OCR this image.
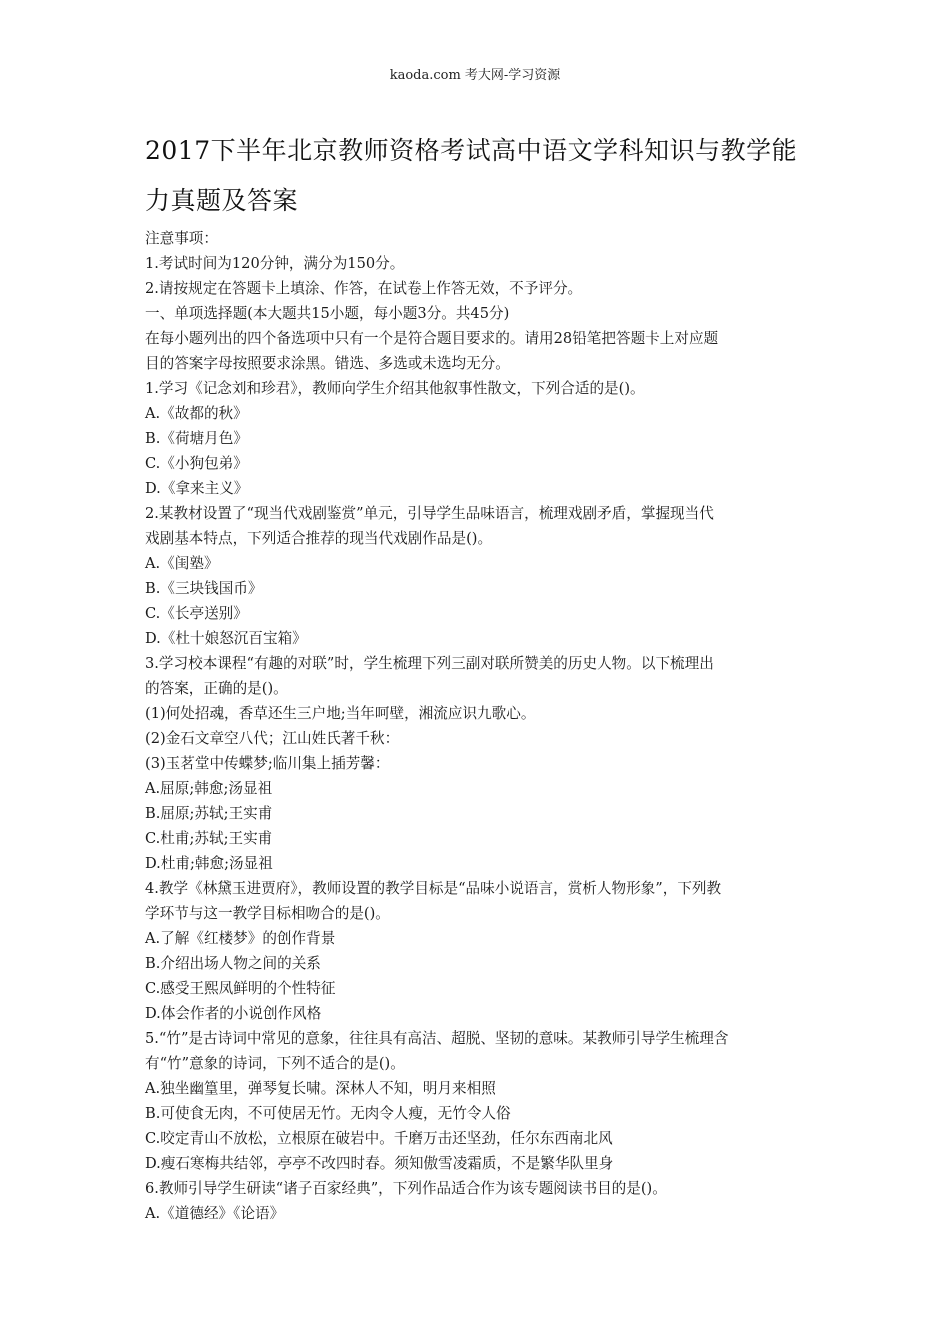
kaoda.com 考大网-学习资源
2017下半年北京教师资格考试高中语文学科知识与教学能
力真题及答案
注意事项：
1.考试时间为120分钟，满分为150分。
2.请按规定在答题卡上填涂、作答，在试卷上作答无效，不予评分。
一、单项选择题(本大题共15小题，每小题3分。共45分)
在每小题列出的四个备选项中只有一个是符合题目要求的。请用28铅笔把答题卡上对应题
目的答案字母按照要求涂黑。错选、多选或未选均无分。
1.学习《记念刘和珍君》，教师向学生介绍其他叙事性散文，下列合适的是()。
A.《故都的秋》
B.《荷塘月色》
C.《小狗包弟》
D.《拿来主义》
2.某教材设置了“现当代戏剧鉴赏”单元，引导学生品味语言，梳理戏剧矛盾，掌握现当代
戏剧基本特点，下列适合推荐的现当代戏剧作品是()。
A.《闺塾》
B.《三块钱国币》
C.《长亭送别》
D.《杜十娘怒沉百宝箱》
3.学习校本课程“有趣的对联”时，学生梳理下列三副对联所赞美的历史人物。以下梳理出
的答案，正确的是()。
(1)何处招魂，香草还生三户地;当年呵壁，湘流应识九歌心。
(2)金石文章空八代；江山姓氏著千秋：
(3)玉茗堂中传蝶梦;临川集上插芳馨：
A.屈原;韩愈;汤显祖
B.屈原;苏轼;王实甫
C.杜甫;苏轼;王实甫
D.杜甫;韩愈;汤显祖
4.教学《林黛玉进贾府》，教师设置的教学目标是“品味小说语言，赏析人物形象”，下列教
学环节与这一教学目标相吻合的是()。
A.了解《红楼梦》的创作背景
B.介绍出场人物之间的关系
C.感受王熙凤鲜明的个性特征
D.体会作者的小说创作风格
5.“竹”是古诗词中常见的意象，往往具有高洁、超脱、坚韧的意味。某教师引导学生梳理含
有“竹”意象的诗词，下列不适合的是()。
A.独坐幽篁里，弹琴复长啸。深林人不知，明月来相照
B.可使食无肉，不可使居无竹。无肉令人瘦，无竹令人俗
C.咬定青山不放松，立根原在破岩中。千磨万击还坚劲，任尔东西南北风
D.瘦石寒梅共结邻，亭亭不改四时春。须知傲雪凌霜质，不是繁华队里身
6.教师引导学生研读“诸子百家经典”，下列作品适合作为该专题阅读书目的是()。
A.《道德经》《论语》
